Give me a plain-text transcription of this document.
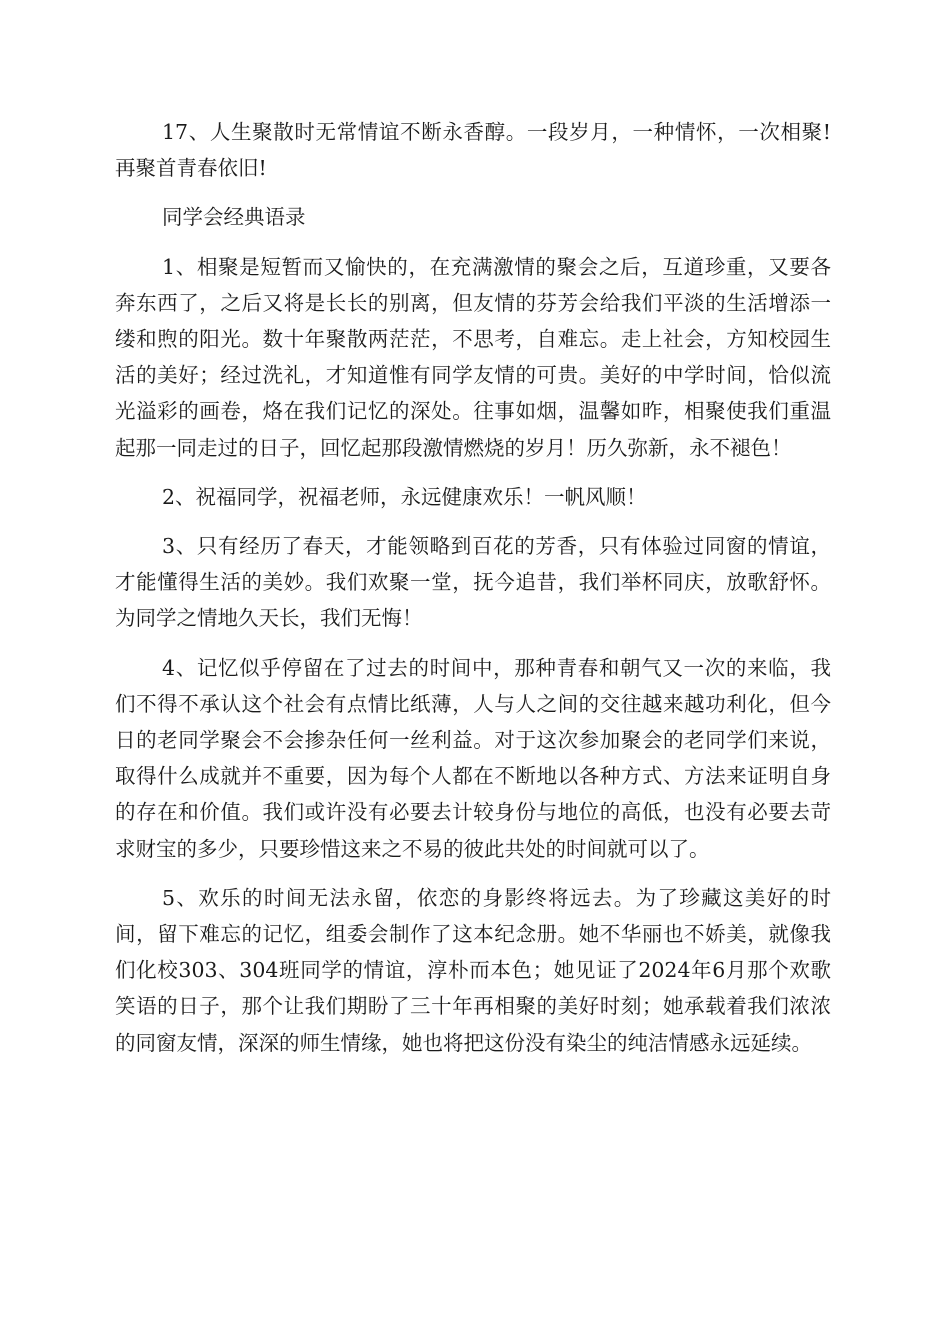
17、人生聚散时无常情谊不断永香醇。一段岁月，一种情怀，一次相聚!再聚首青春依旧!

同学会经典语录

1、相聚是短暂而又愉快的，在充满激情的聚会之后，互道珍重，又要各奔东西了，之后又将是长长的别离，但友情的芬芳会给我们平淡的生活增添一缕和煦的阳光。数十年聚散两茫茫，不思考，自难忘。走上社会，方知校园生活的美好；经过洗礼，才知道惟有同学友情的可贵。美好的中学时间，恰似流光溢彩的画卷，烙在我们记忆的深处。往事如烟，温馨如昨，相聚使我们重温起那一同走过的日子，回忆起那段激情燃烧的岁月！历久弥新，永不褪色！

2、祝福同学，祝福老师，永远健康欢乐！一帆风顺！

3、只有经历了春天，才能领略到百花的芳香，只有体验过同窗的情谊，才能懂得生活的美妙。我们欢聚一堂，抚今追昔，我们举杯同庆，放歌舒怀。为同学之情地久天长，我们无悔！

4、记忆似乎停留在了过去的时间中，那种青春和朝气又一次的来临，我们不得不承认这个社会有点情比纸薄，人与人之间的交往越来越功利化，但今日的老同学聚会不会掺杂任何一丝利益。对于这次参加聚会的老同学们来说，取得什么成就并不重要，因为每个人都在不断地以各种方式、方法来证明自身的存在和价值。我们或许没有必要去计较身份与地位的高低，也没有必要去苛求财宝的多少，只要珍惜这来之不易的彼此共处的时间就可以了。

5、欢乐的时间无法永留，依恋的身影终将远去。为了珍藏这美好的时间，留下难忘的记忆，组委会制作了这本纪念册。她不华丽也不娇美，就像我们化校303、304班同学的情谊，淳朴而本色；她见证了2024年6月那个欢歌笑语的日子，那个让我们期盼了三十年再相聚的美好时刻；她承载着我们浓浓的同窗友情，深深的师生情缘，她也将把这份没有染尘的纯洁情感永远延续。
